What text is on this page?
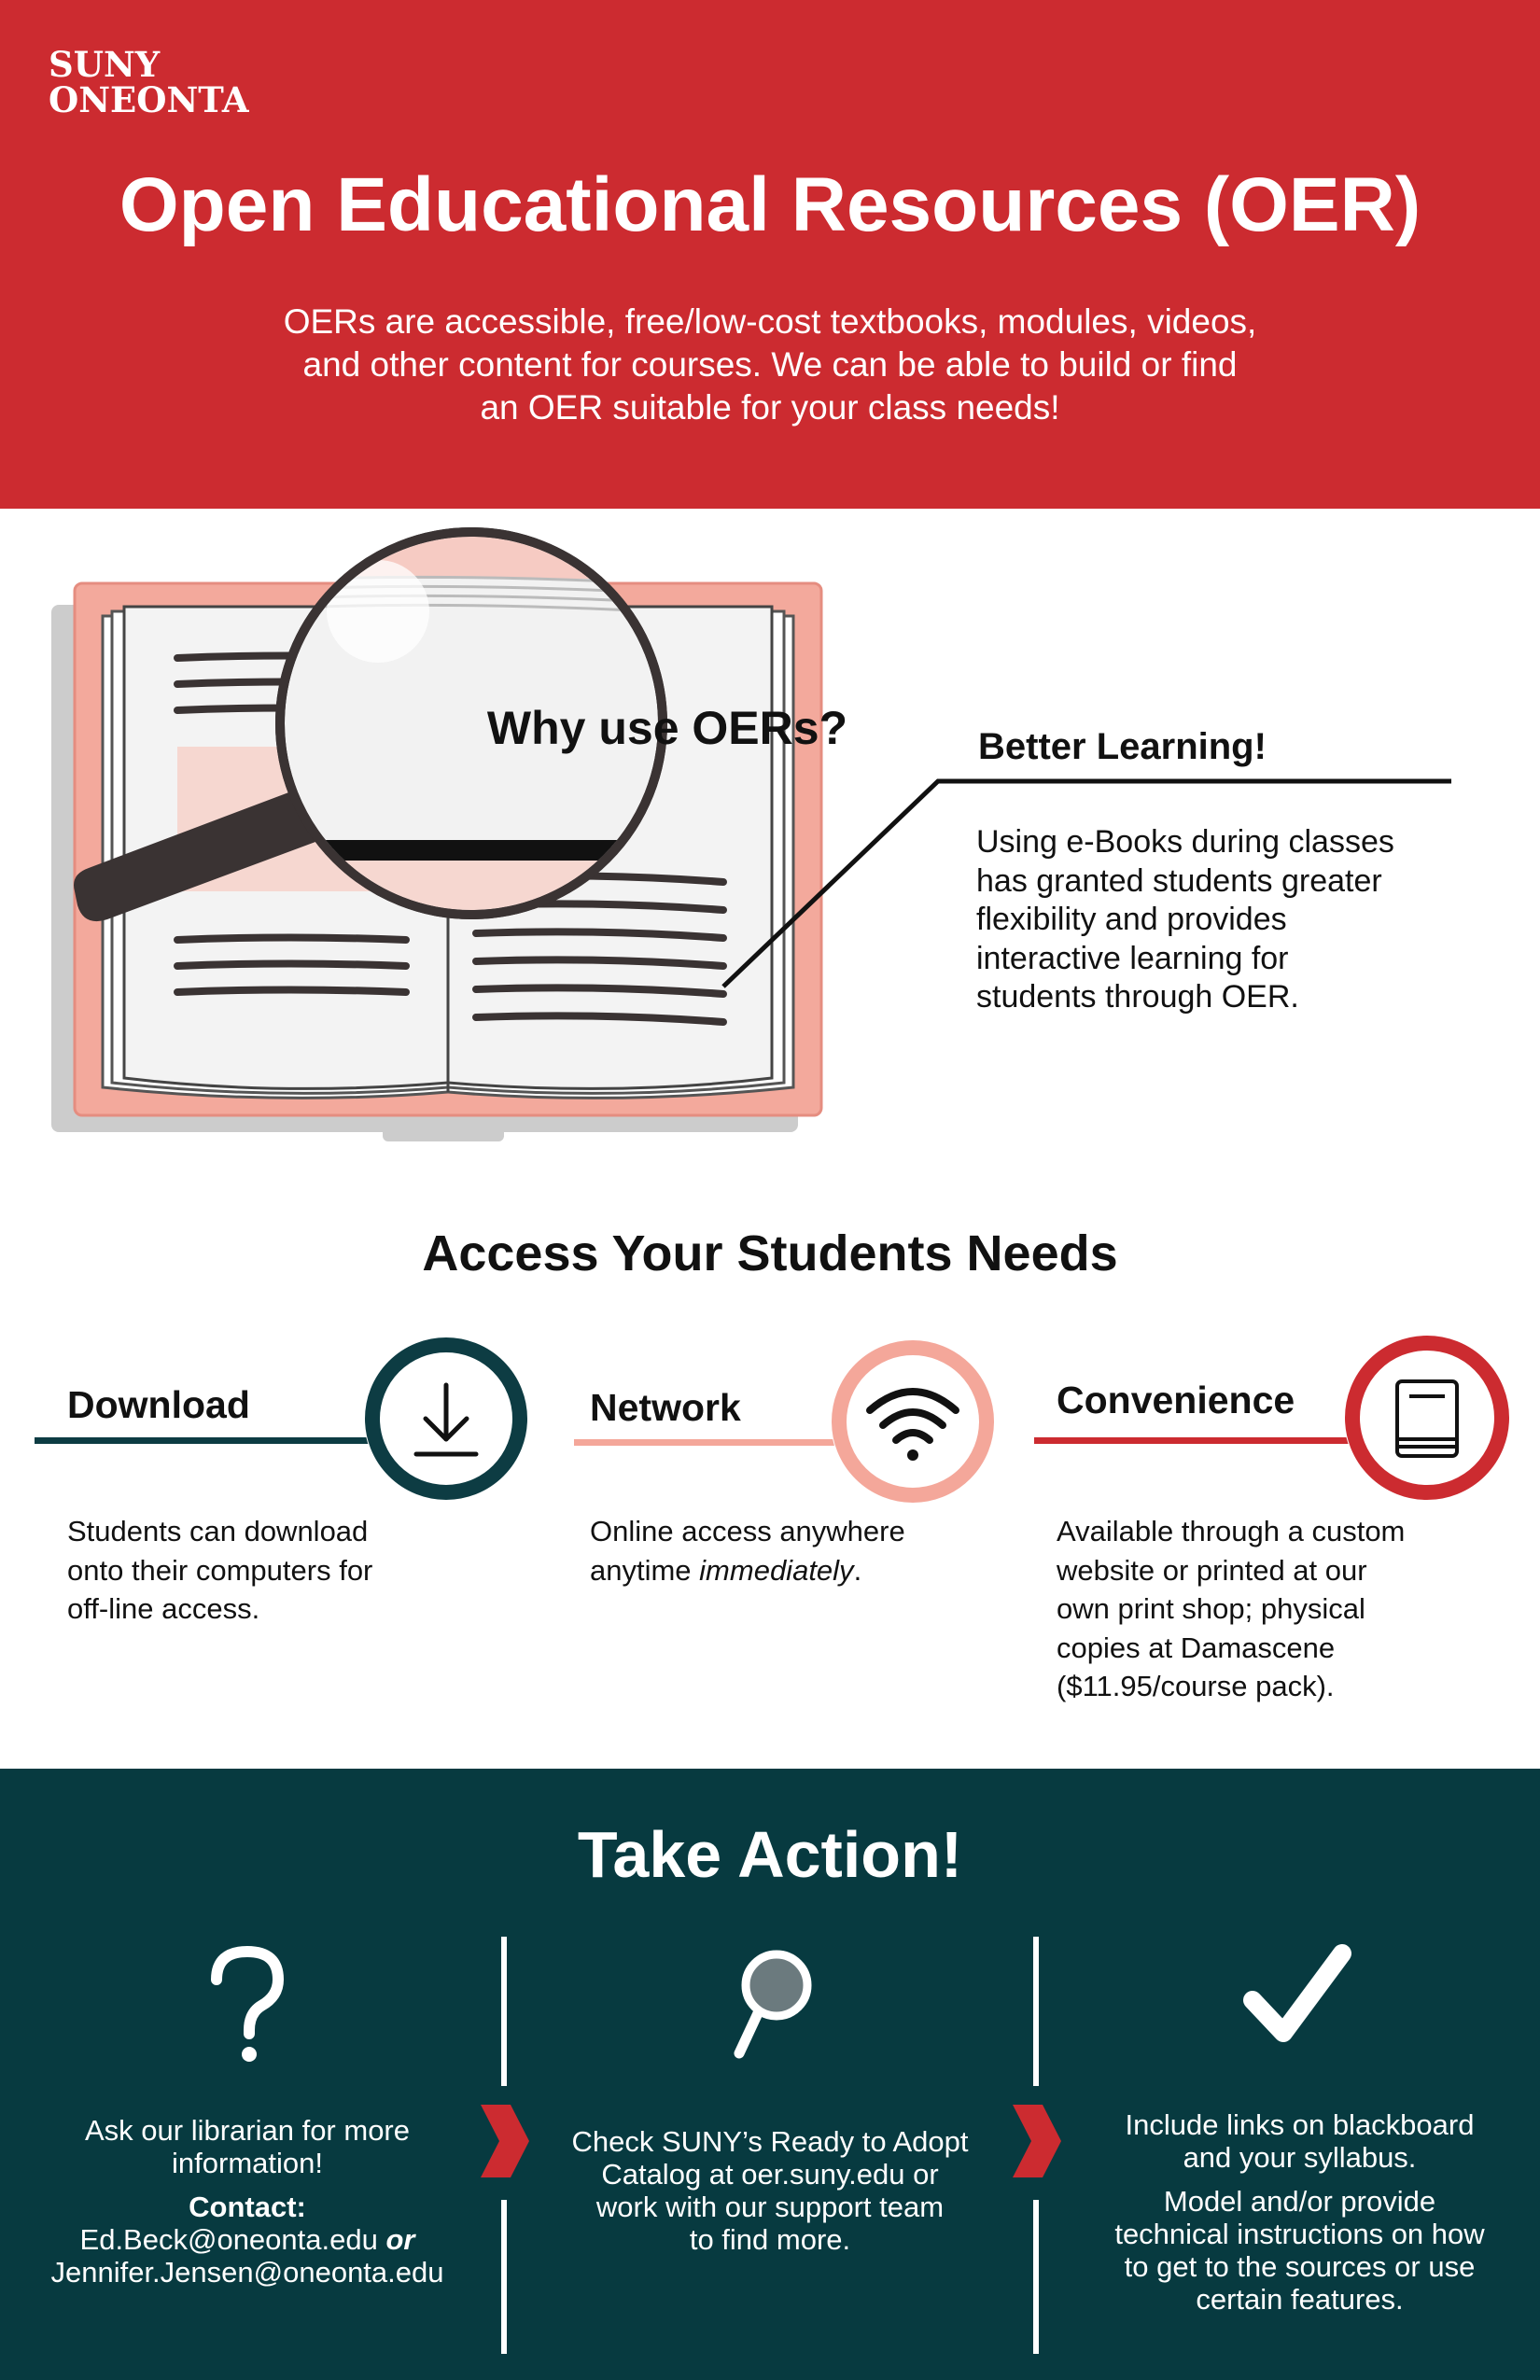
SUNY
ONEONTA
Open Educational Resources (OER)
OERs are accessible, free/low-cost textbooks, modules, videos,
and other content for courses. We can be able to build or find
an OER suitable for your class needs!
Why use OERs?	Better Learning!
Using e-Books during classes
has granted students greater
flexibility and provides
interactive learning for
students through OER.
Access Your Students Needs
Download
Students can download
onto their computers for
off-line access.
Network
Online access anywhere
anytime immediately.
Convenience
Available through a custom
website or printed at our
own print shop; physical
copies at Damascene
($11.95/course pack).
Take Action!
Ask our librarian for more
information!
Contact:
Ed.Beck@oneonta.edu or
Jennifer.Jensen@oneonta.edu
Check SUNY’s Ready to Adopt
Catalog at oer.suny.edu or
work with our support team
to find more.
Include links on blackboard
and your syllabus.
Model and/or provide
technical instructions on how
to get to the sources or use
certain features.
